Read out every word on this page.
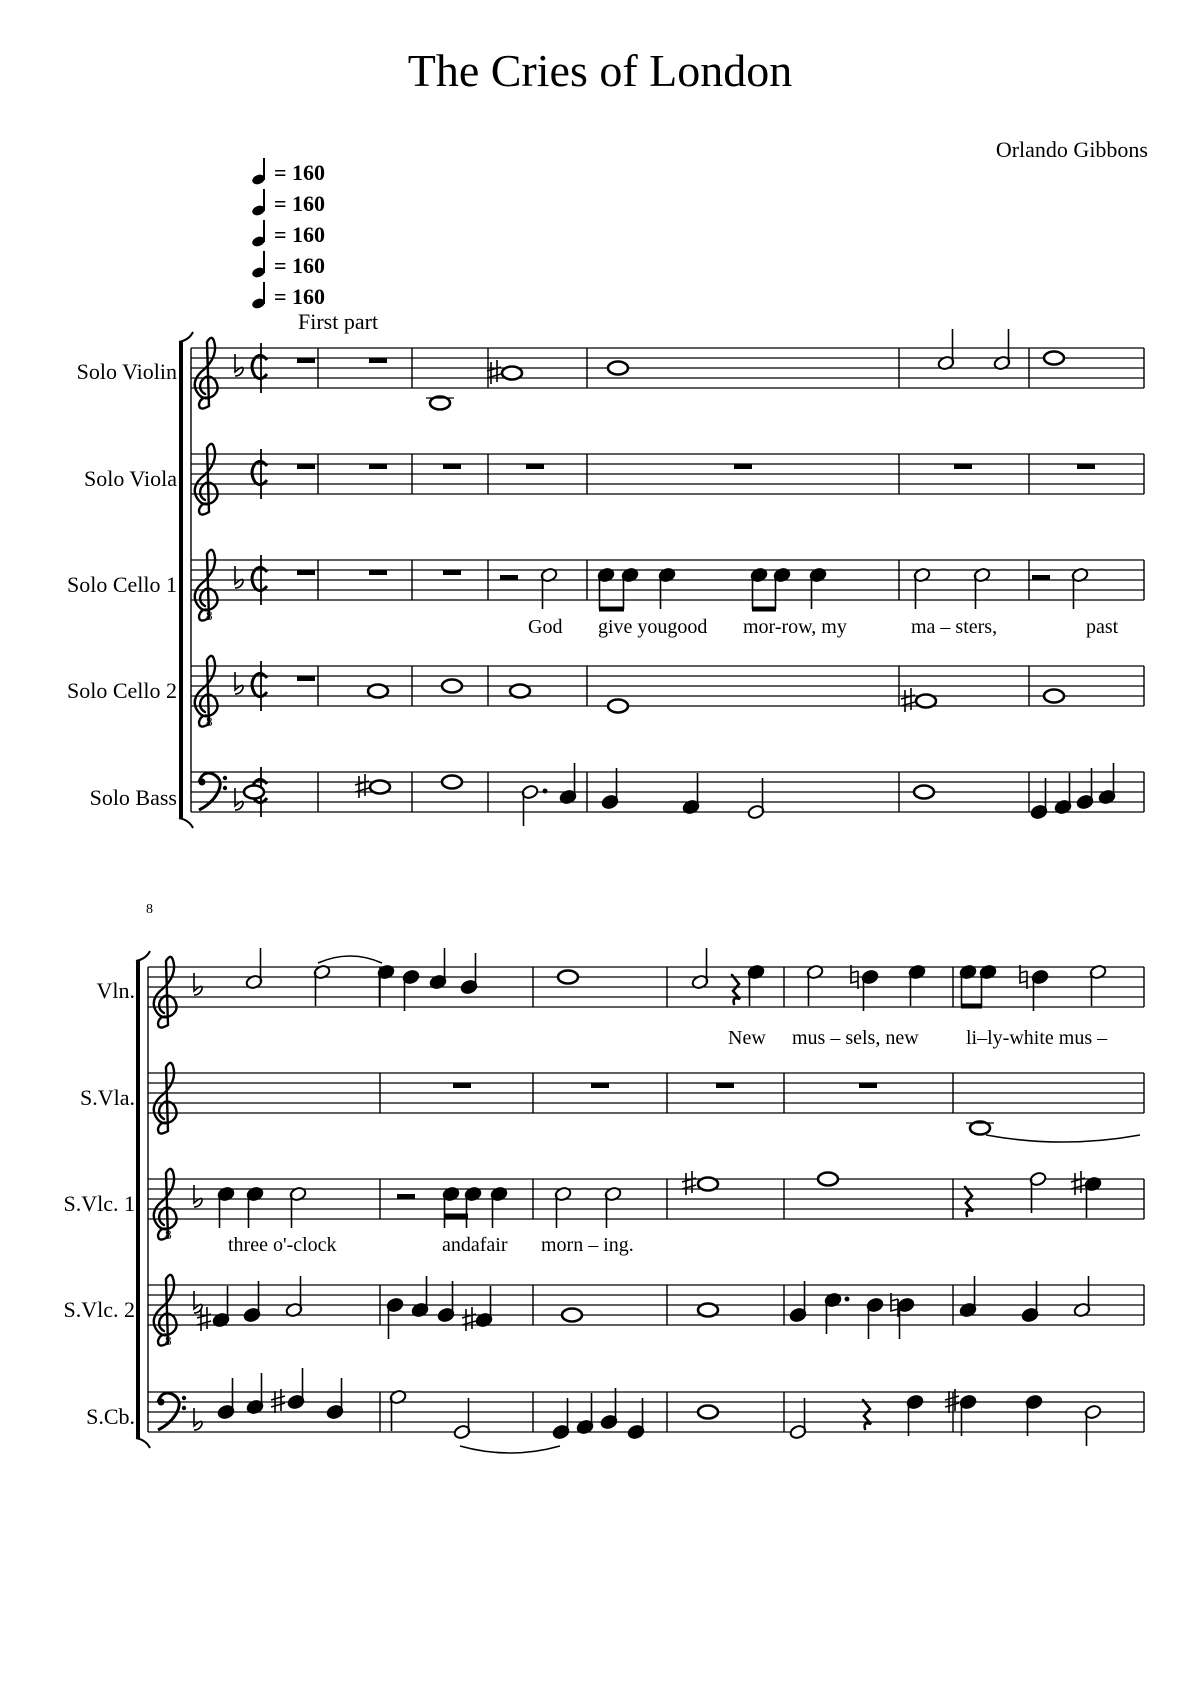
The Cries of London
Orlando Gibbons
= 160
= 160
= 160
= 160
= 160
First part
Solo Violin
Solo Viola
Solo Cello 1
Solo Cello 2
Solo Bass
God give yougood mor-row, my	ma – sters,	past
8
Vln.
S.Vla.
S.Vlc. 1
S.Vlc. 2
S.Cb.
New mus – sels, new li–ly-white mus –
three o'-clock	andafair morn – ing.
8
8
8
8
